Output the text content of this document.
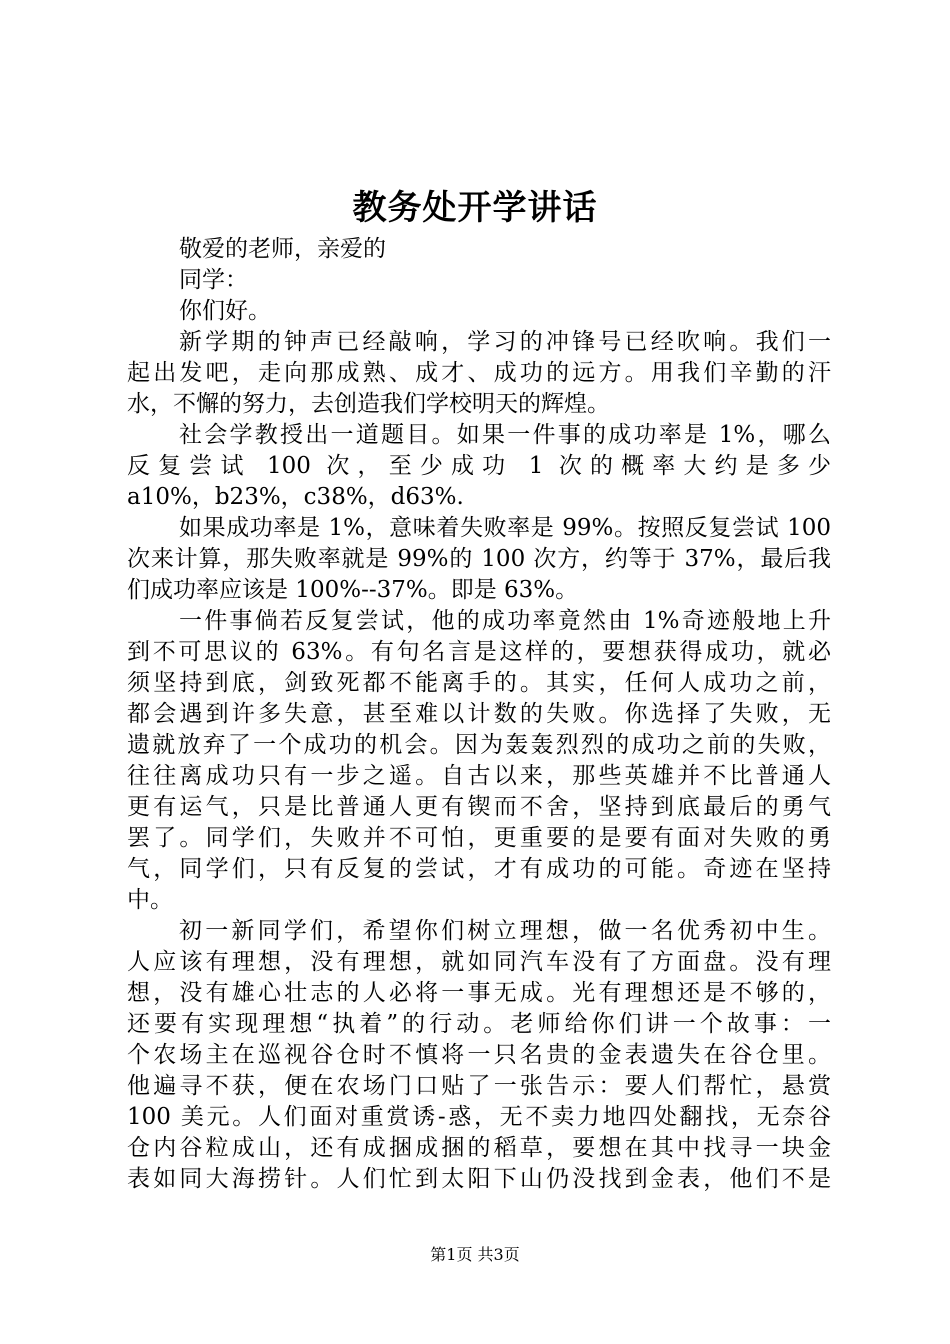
教务处开学讲话
敬爱的老师，亲爱的
同学：
你们好。
新学期的钟声已经敲响，学习的冲锋号已经吹响。我们一
起出发吧，走向那成熟、成才、成功的远方。用我们辛勤的汗
水，不懈的努力，去创造我们学校明天的辉煌。
社会学教授出一道题目。如果一件事的成功率是 1%，哪么
反复尝试 100 次，至少成功 1 次的概率大约是多少
a10%，b23%，c38%，d63%.
如果成功率是 1%，意味着失败率是 99%。按照反复尝试 100
次来计算，那失败率就是 99%的 100 次方，约等于 37%，最后我
们成功率应该是 100%--37%。即是 63%。
一件事倘若反复尝试，他的成功率竟然由 1%奇迹般地上升
到不可思议的 63%。有句名言是这样的，要想获得成功，就必
须坚持到底，剑致死都不能离手的。其实，任何人成功之前，
都会遇到许多失意，甚至难以计数的失败。你选择了失败，无
遗就放弃了一个成功的机会。因为轰轰烈烈的成功之前的失败，
往往离成功只有一步之遥。自古以来，那些英雄并不比普通人
更有运气，只是比普通人更有锲而不舍，坚持到底最后的勇气
罢了。同学们，失败并不可怕，更重要的是要有面对失败的勇
气，同学们，只有反复的尝试，才有成功的可能。奇迹在坚持
中。
初一新同学们，希望你们树立理想，做一名优秀初中生。
人应该有理想，没有理想，就如同汽车没有了方面盘。没有理
想，没有雄心壮志的人必将一事无成。光有理想还是不够的，
还要有实现理想“执着”的行动。老师给你们讲一个故事：一
个农场主在巡视谷仓时不慎将一只名贵的金表遗失在谷仓里。
他遍寻不获，便在农场门口贴了一张告示：要人们帮忙，悬赏
100 美元。人们面对重赏诱-惑，无不卖力地四处翻找，无奈谷
仓内谷粒成山，还有成捆成捆的稻草，要想在其中找寻一块金
表如同大海捞针。人们忙到太阳下山仍没找到金表，他们不是
第1页 共3页
